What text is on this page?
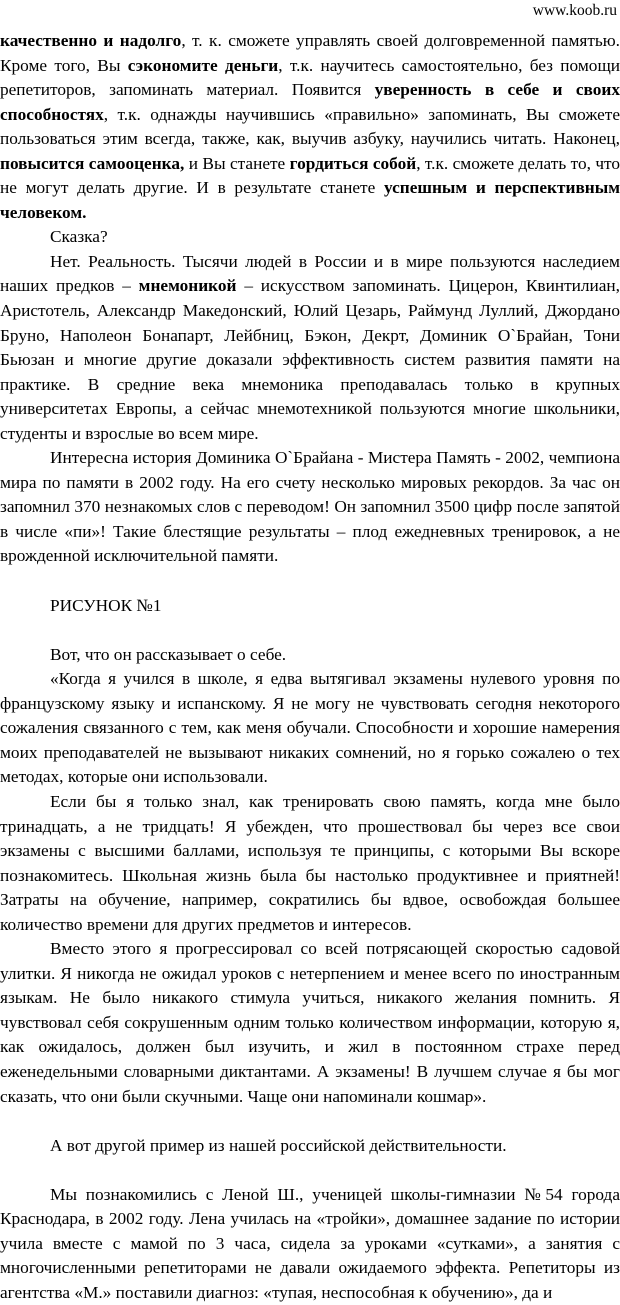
www.koob.ru

качественно и надолго, т. к. сможете управлять своей долговременной памятью. Кроме того, Вы сэкономите деньги, т.к. научитесь самостоятельно, без помощи репетиторов, запоминать материал. Появится уверенность в себе и своих способностях, т.к. однажды научившись «правильно» запоминать, Вы сможете пользоваться этим всегда, также, как, выучив азбуку, научились читать. Наконец, повысится самооценка, и Вы станете гордиться собой, т.к. сможете делать то, что не могут делать другие. И в результате станете успешным и перспективным человеком.

Сказка?

Нет. Реальность. Тысячи людей в России и в мире пользуются наследием наших предков – мнемоникой – искусством запоминать. Цицерон, Квинтилиан, Аристотель, Александр Македонский, Юлий Цезарь, Раймунд Луллий, Джордано Бруно, Наполеон Бонапарт, Лейбниц, Бэкон, Декрт, Доминик О`Брайан, Тони Бьюзан и многие другие доказали эффективность систем развития памяти на практике. В средние века мнемоника преподавалась только в крупных университетах Европы, а сейчас мнемотехникой пользуются многие школьники, студенты и взрослые во всем мире.

Интересна история Доминика О`Брайана - Мистера Память - 2002, чемпиона мира по памяти в 2002 году. На его счету несколько мировых рекордов. За час он запомнил 370 незнакомых слов с переводом! Он запомнил 3500 цифр после запятой в числе «пи»! Такие блестящие результаты – плод ежедневных тренировок, а не врожденной исключительной памяти.

РИСУНОК №1

Вот, что он рассказывает о себе.

«Когда я учился в школе, я едва вытягивал экзамены нулевого уровня по французскому языку и испанскому. Я не могу не чувствовать сегодня некоторого сожаления связанного с тем, как меня обучали. Способности и хорошие намерения моих преподавателей не вызывают никаких сомнений, но я горько сожалею о тех методах, которые они использовали.

Если бы я только знал, как тренировать свою память, когда мне было тринадцать, а не тридцать! Я убежден, что прошествовал бы через все свои экзамены с высшими баллами, используя те принципы, с которыми Вы вскоре познакомитесь. Школьная жизнь была бы настолько продуктивнее и приятней! Затраты на обучение, например, сократились бы вдвое, освобождая большее количество времени для других предметов и интересов.

Вместо этого я прогрессировал со всей потрясающей скоростью садовой улитки. Я никогда не ожидал уроков с нетерпением и менее всего по иностранным языкам. Не было никакого стимула учиться, никакого желания помнить. Я чувствовал себя сокрушенным одним только количеством информации, которую я, как ожидалось, должен был изучить, и жил в постоянном страхе перед еженедельными словарными диктантами. А экзамены! В лучшем случае я бы мог сказать, что они были скучными. Чаще они напоминали кошмар».

А вот другой пример из нашей российской действительности.

Мы познакомились с Леной Ш., ученицей школы-гимназии №54 города Краснодара, в 2002 году. Лена училась на «тройки», домашнее задание по истории учила вместе с мамой по 3 часа, сидела за уроками «сутками», а занятия с многочисленными репетиторами не давали ожидаемого эффекта. Репетиторы из агентства «М.» поставили диагноз: «тупая, неспособная к обучению», да и
